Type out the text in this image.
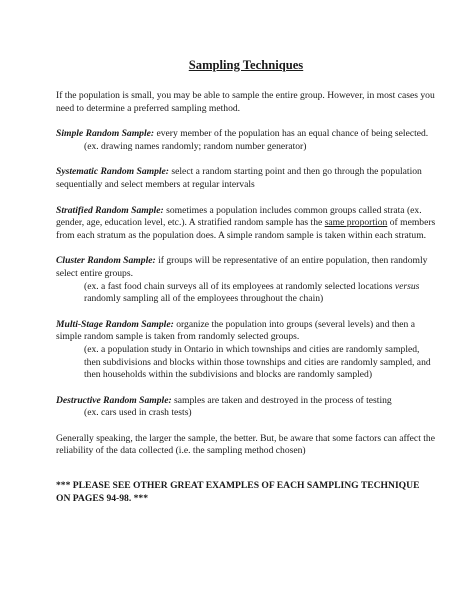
Sampling Techniques

If the population is small, you may be able to sample the entire group. However, in most cases you need to determine a preferred sampling method.

Simple Random Sample: every member of the population has an equal chance of being selected.
(ex. drawing names randomly; random number generator)

Systematic Random Sample: select a random starting point and then go through the population sequentially and select members at regular intervals

Stratified Random Sample: sometimes a population includes common groups called strata (ex. gender, age, education level, etc.). A stratified random sample has the same proportion of members from each stratum as the population does. A simple random sample is taken within each stratum.

Cluster Random Sample: if groups will be representative of an entire population, then randomly select entire groups.
(ex. a fast food chain surveys all of its employees at randomly selected locations versus randomly sampling all of the employees throughout the chain)

Multi-Stage Random Sample: organize the population into groups (several levels) and then a simple random sample is taken from randomly selected groups.
(ex. a population study in Ontario in which townships and cities are randomly sampled, then subdivisions and blocks within those townships and cities are randomly sampled, and then households within the subdivisions and blocks are randomly sampled)

Destructive Random Sample: samples are taken and destroyed in the process of testing
(ex. cars used in crash tests)

Generally speaking, the larger the sample, the better. But, be aware that some factors can affect the reliability of the data collected (i.e. the sampling method chosen)

*** PLEASE SEE OTHER GREAT EXAMPLES OF EACH SAMPLING TECHNIQUE ON PAGES 94-98. ***
